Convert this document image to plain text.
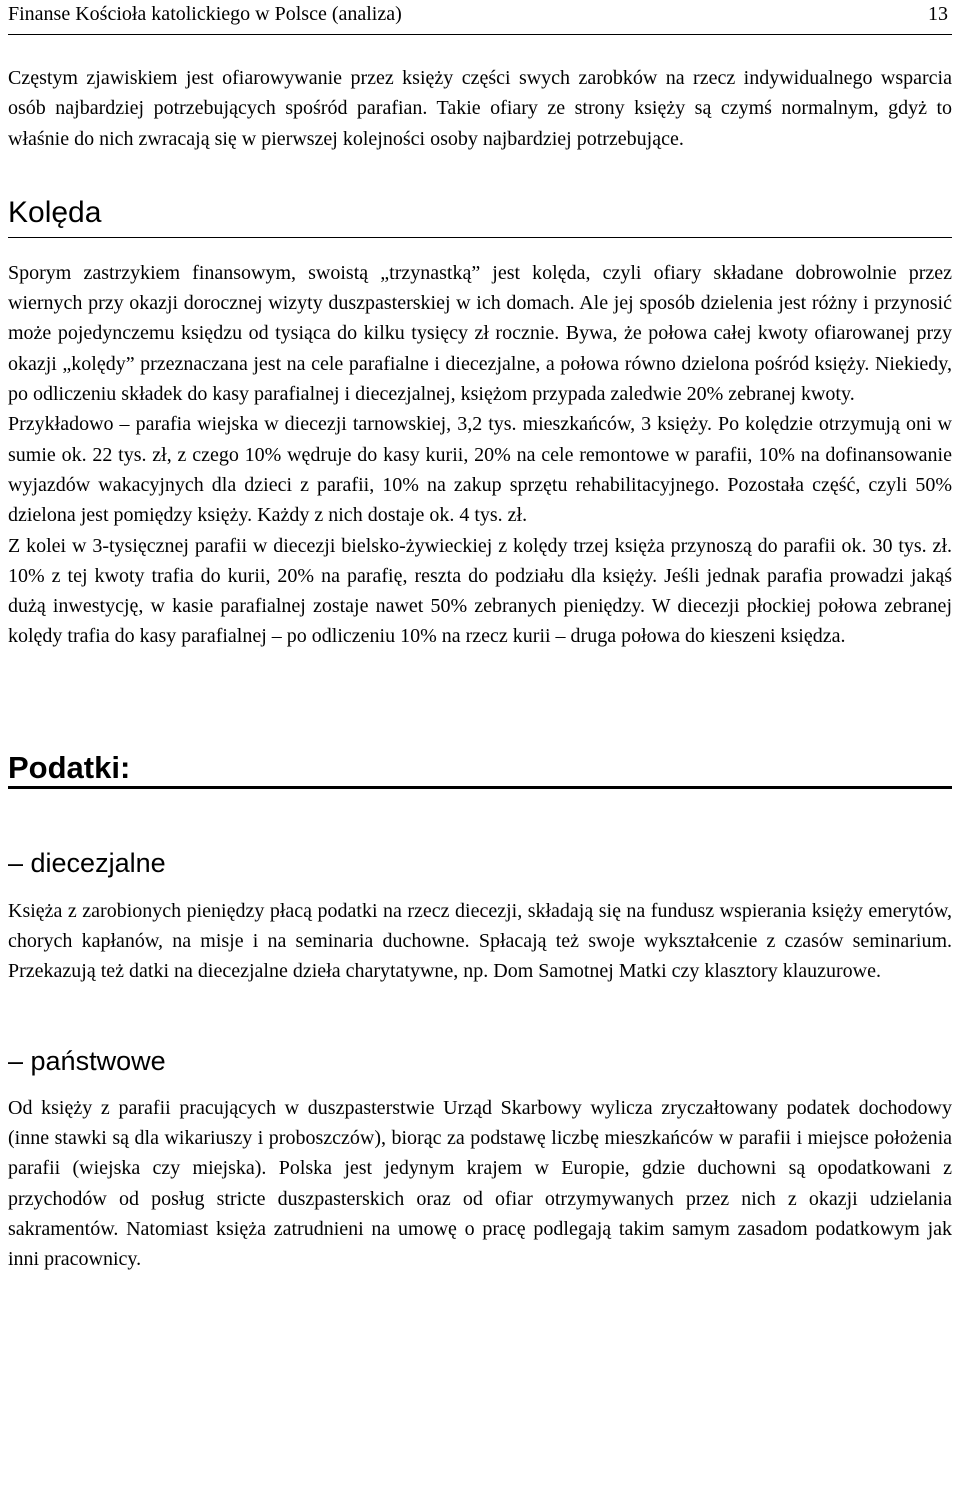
Finanse Kościoła katolickiego w Polsce (analiza)	13

Częstym zjawiskiem jest ofiarowywanie przez księży części swych zarobków na rzecz indywidualnego wsparcia osób najbardziej potrzebujących spośród parafian. Takie ofiary ze strony księży są czymś normalnym, gdyż to właśnie do nich zwracają się w pierwszej kolejności osoby najbardziej potrzebujące.

Kolęda

Sporym zastrzykiem finansowym, swoistą „trzynastką” jest kolęda, czyli ofiary składane dobrowolnie przez wiernych przy okazji dorocznej wizyty duszpasterskiej w ich domach. Ale jej sposób dzielenia jest różny i przynosić może pojedynczemu księdzu od tysiąca do kilku tysięcy zł rocznie. Bywa, że połowa całej kwoty ofiarowanej przy okazji „kolędy” przeznaczana jest na cele parafialne i diecezjalne, a połowa równo dzielona pośród księży. Niekiedy, po odliczeniu składek do kasy parafialnej i diecezjalnej, księżom przypada zaledwie 20% zebranej kwoty.

Przykładowo – parafia wiejska w diecezji tarnowskiej, 3,2 tys. mieszkańców, 3 księży. Po kolędzie otrzymują oni w sumie ok. 22 tys. zł, z czego 10% wędruje do kasy kurii, 20% na cele remontowe w parafii, 10% na dofinansowanie wyjazdów wakacyjnych dla dzieci z parafii, 10% na zakup sprzętu rehabilitacyjnego. Pozostała część, czyli 50% dzielona jest pomiędzy księży. Każdy z nich dostaje ok. 4 tys. zł.

Z kolei w 3-tysięcznej parafii w diecezji bielsko-żywieckiej z kolędy trzej księża przynoszą do parafii ok. 30 tys. zł. 10% z tej kwoty trafia do kurii, 20% na parafię, reszta do podziału dla księży. Jeśli jednak parafia prowadzi jakąś dużą inwestycję, w kasie parafialnej zostaje nawet 50% zebranych pieniędzy. W diecezji płockiej połowa zebranej kolędy trafia do kasy parafialnej – po odliczeniu 10% na rzecz kurii – druga połowa do kieszeni księdza.

Podatki:
– diecezjalne

Księża z zarobionych pieniędzy płacą podatki na rzecz diecezji, składają się na fundusz wspierania księży emerytów, chorych kapłanów, na misje i na seminaria duchowne. Spłacają też swoje wykształcenie z czasów seminarium. Przekazują też datki na diecezjalne dzieła charytatywne, np. Dom Samotnej Matki czy klasztory klauzurowe.

– państwowe

Od księży z parafii pracujących w duszpasterstwie Urząd Skarbowy wylicza zryczałtowany podatek dochodowy (inne stawki są dla wikariuszy i proboszczów), biorąc za podstawę liczbę mieszkańców w parafii i miejsce położenia parafii (wiejska czy miejska). Polska jest jedynym krajem w Europie, gdzie duchowni są opodatkowani z przychodów od posług stricte duszpasterskich oraz od ofiar otrzymywanych przez nich z okazji udzielania sakramentów. Natomiast księża zatrudnieni na umowę o pracę podlegają takim samym zasadom podatkowym jak inni pracownicy.
